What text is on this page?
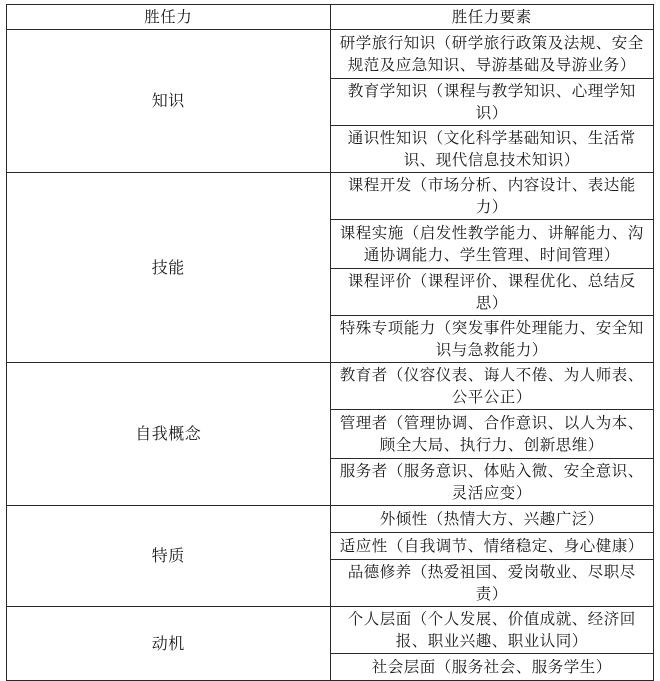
胜任力	胜任力要素
知识	研学旅行知识（研学旅行政策及法规、安全规范及应急知识、导游基础及导游业务）
	教育学知识（课程与教学知识、心理学知识）
	通识性知识（文化科学基础知识、生活常识、现代信息技术知识）
技能	课程开发（市场分析、内容设计、表达能力）
	课程实施（启发性教学能力、讲解能力、沟通协调能力、学生管理、时间管理）
	课程评价（课程评价、课程优化、总结反思）
	特殊专项能力（突发事件处理能力、安全知识与急救能力）
自我概念	教育者（仪容仪表、诲人不倦、为人师表、公平公正）
	管理者（管理协调、合作意识、以人为本、顾全大局、执行力、创新思维）
	服务者（服务意识、体贴入微、安全意识、灵活应变）
特质	外倾性（热情大方、兴趣广泛）
	适应性（自我调节、情绪稳定、身心健康）
	品德修养（热爱祖国、爱岗敬业、尽职尽责）
动机	个人层面（个人发展、价值成就、经济回报、职业兴趣、职业认同）
	社会层面（服务社会、服务学生）
